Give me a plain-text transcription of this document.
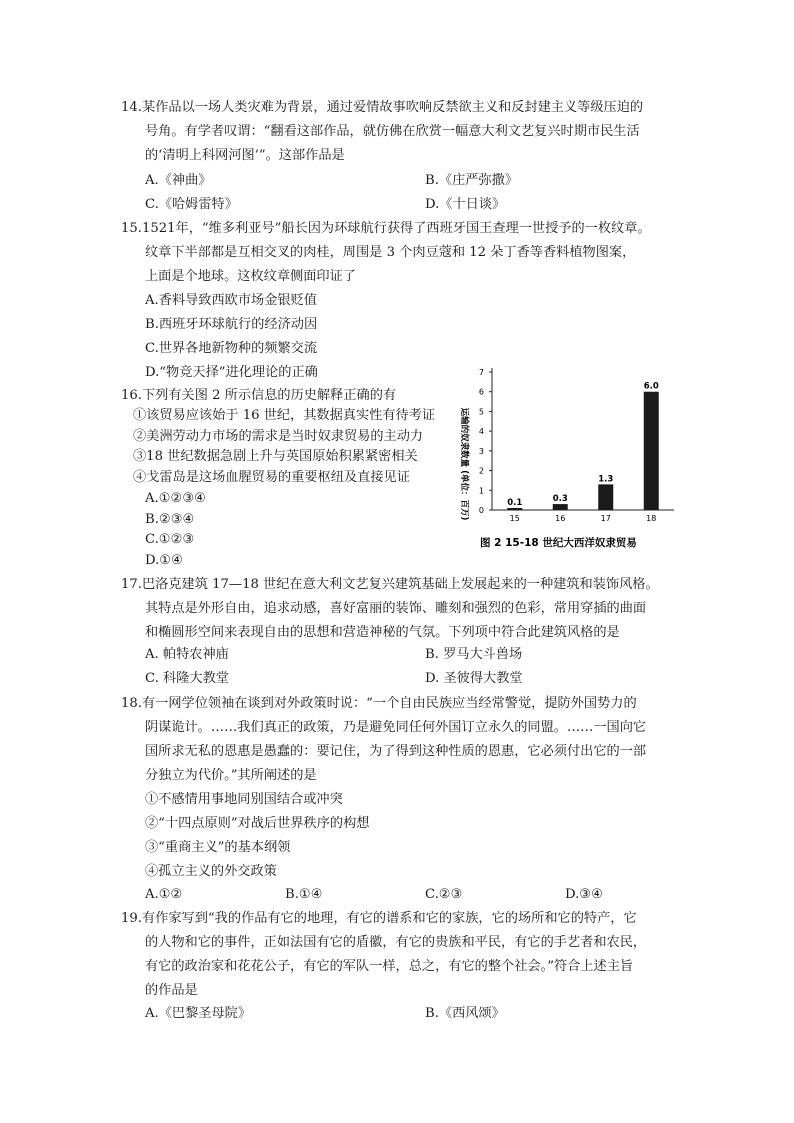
14.某作品以一场人类灾难为背景，通过爱情故事吹响反禁欲主义和反封建主义等级压迫的
号角。有学者叹谓：“翻看这部作品，就仿佛在欣赏一幅意大利文艺复兴时期市民生活
的‘清明上科网河图’”。这部作品是
A.《神曲》	B.《庄严弥撒》
C.《哈姆雷特》	D.《十日谈》
15.1521年，“维多利亚号”船长因为环球航行获得了西班牙国王查理一世授予的一枚纹章。
纹章下半部都是互相交叉的肉桂，周围是 3 个肉豆蔻和 12 朵丁香等香料植物图案，
上面是个地球。这枚纹章侧面印证了
A.香料导致西欧市场金银贬值
B.西班牙环球航行的经济动因
C.世界各地新物种的频繁交流
D.“物竞天择”进化理论的正确
16.下列有关图 2 所示信息的历史解释正确的有
①该贸易应该始于 16 世纪，其数据真实性有待考证
②美洲劳动力市场的需求是当时奴隶贸易的主动力
③18 世纪数据急剧上升与英国原始积累紧密相关
④戈雷岛是这场血腥贸易的重要枢纽及直接见证
A.①②③④
B.②③④
C.①②③
D.①④
0
1
2
3
4
5
6
7
0.1	0.3
1.3
6.0
15	16	17	18
运输的奴隶数量 (单位：百万)
图 2 15-18 世纪大西洋奴隶贸易
17.巴洛克建筑 17—18 世纪在意大利文艺复兴建筑基础上发展起来的一种建筑和装饰风格。
其特点是外形自由，追求动感，喜好富丽的装饰、雕刻和强烈的色彩，常用穿插的曲面
和椭圆形空间来表现自由的思想和营造神秘的气氛。下列项中符合此建筑风格的是
A. 帕特农神庙	B. 罗马大斗兽场
C. 科隆大教堂	D. 圣彼得大教堂
18.有一网学位领袖在谈到对外政策时说：“一个自由民族应当经常警觉，提防外国势力的
阴谋诡计。……我们真正的政策，乃是避免同任何外国订立永久的同盟。……一国向它
国所求无私的恩惠是愚蠢的：要记住，为了得到这种性质的恩惠，它必须付出它的一部
分独立为代价。”其所阐述的是
①不感情用事地同别国结合或冲突
②“十四点原则”对战后世界秩序的构想
③“重商主义”的基本纲领
④孤立主义的外交政策
A.①②	B.①④	C.②③	D.③④
19.有作家写到“我的作品有它的地理，有它的谱系和它的家族，它的场所和它的特产，它
的人物和它的事件，正如法国有它的盾徽，有它的贵族和平民，有它的手艺者和农民，
有它的政治家和花花公子，有它的军队一样，总之，有它的整个社会。”符合上述主旨
的作品是
A.《巴黎圣母院》	B.《西风颂》
